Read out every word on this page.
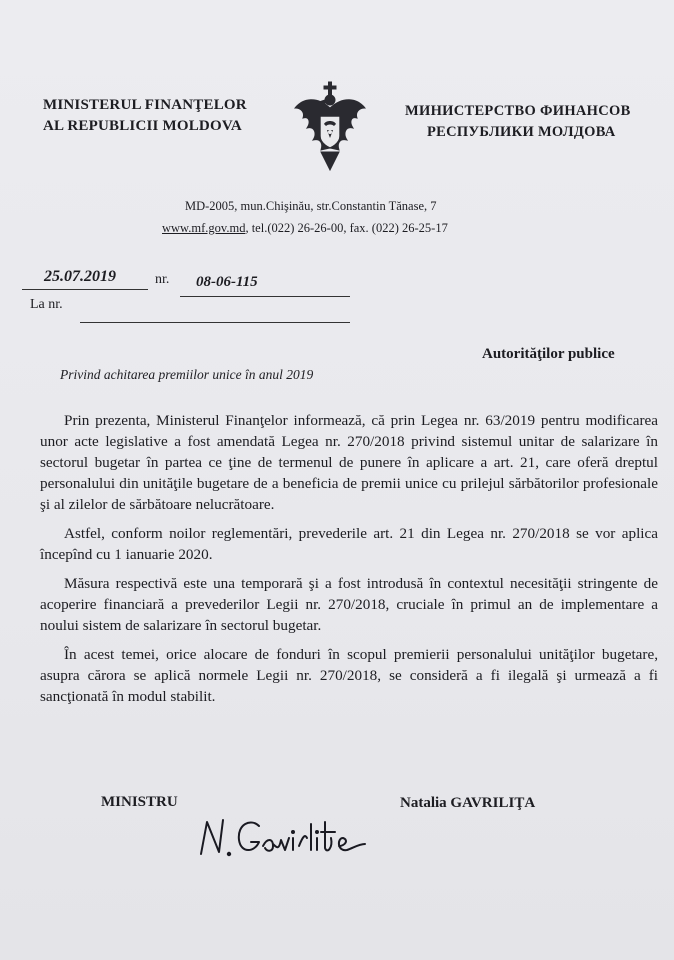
MINISTERUL FINANŢELOR
AL REPUBLICII MOLDOVA
МИНИСТЕРСТВО ФИНАНСОВ
РЕСПУБЛИКИ МОЛДОВА
MD-2005, mun.Chişinău, str.Constantin Tănase, 7
www.mf.gov.md, tel.(022) 26-26-00, fax. (022) 26-25-17
25.07.2019	nr. 08-06-115
La nr.
Autorităţilor publice
Privind achitarea premiilor unice în anul 2019

Prin prezenta, Ministerul Finanţelor informează, că prin Legea nr. 63/2019 pentru modificarea unor acte legislative a fost amendată Legea nr. 270/2018 privind sistemul unitar de salarizare în sectorul bugetar în partea ce ţine de termenul de punere în aplicare a art. 21, care oferă dreptul personalului din unităţile bugetare de a beneficia de premii unice cu prilejul sărbătorilor profesionale şi al zilelor de sărbătoare nelucrătoare.

Astfel, conform noilor reglementări, prevederile art. 21 din Legea nr. 270/2018 se vor aplica începînd cu 1 ianuarie 2020.

Măsura respectivă este una temporară şi a fost introdusă în contextul necesităţii stringente de acoperire financiară a prevederilor Legii nr. 270/2018, cruciale în primul an de implementare a noului sistem de salarizare în sectorul bugetar.

În acest temei, orice alocare de fonduri în scopul premierii personalului unităţilor bugetare, asupra cărora se aplică normele Legii nr. 270/2018, se consideră a fi ilegală şi urmează a fi sancţionată în modul stabilit.

MINISTRU	Natalia GAVRILIŢA
